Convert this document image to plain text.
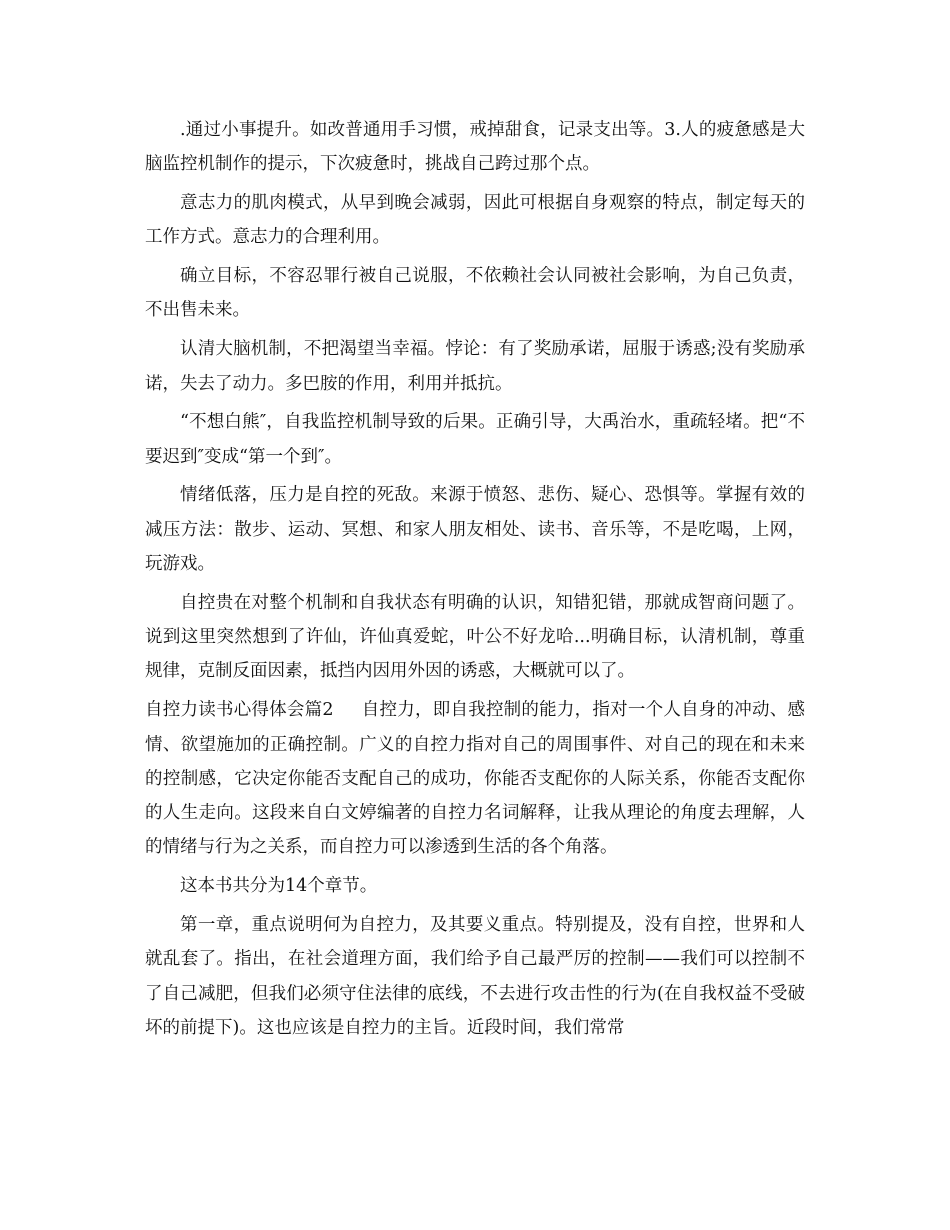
.通过小事提升。如改普通用手习惯，戒掉甜食，记录支出等。3.人的疲惫感是大脑监控机制作的提示，下次疲惫时，挑战自己跨过那个点。

意志力的肌肉模式，从早到晚会减弱，因此可根据自身观察的特点，制定每天的工作方式。意志力的合理利用。

确立目标，不容忍罪行被自己说服，不依赖社会认同被社会影响，为自己负责，不出售未来。

认清大脑机制，不把渴望当幸福。悖论：有了奖励承诺，屈服于诱惑;没有奖励承诺，失去了动力。多巴胺的作用，利用并抵抗。

“不想白熊″，自我监控机制导致的后果。正确引导，大禹治水，重疏轻堵。把“不要迟到″变成“第一个到″。

情绪低落，压力是自控的死敌。来源于愤怒、悲伤、疑心、恐惧等。掌握有效的减压方法：散步、运动、冥想、和家人朋友相处、读书、音乐等，不是吃喝，上网，玩游戏。

自控贵在对整个机制和自我状态有明确的认识，知错犯错，那就成智商问题了。说到这里突然想到了许仙，许仙真爱蛇，叶公不好龙哈...明确目标，认清机制，尊重规律，克制反面因素，抵挡内因用外因的诱惑，大概就可以了。

自控力读书心得体会篇2 自控力，即自我控制的能力，指对一个人自身的冲动、感情、欲望施加的正确控制。广义的自控力指对自己的周围事件、对自己的现在和未来的控制感，它决定你能否支配自己的成功，你能否支配你的人际关系，你能否支配你的人生走向。这段来自白文婷编著的自控力名词解释，让我从理论的角度去理解，人的情绪与行为之关系，而自控力可以渗透到生活的各个角落。

这本书共分为14个章节。

第一章，重点说明何为自控力，及其要义重点。特别提及，没有自控，世界和人就乱套了。指出，在社会道理方面，我们给予自己最严厉的控制——我们可以控制不了自己减肥，但我们必须守住法律的底线，不去进行攻击性的行为(在自我权益不受破坏的前提下)。这也应该是自控力的主旨。近段时间，我们常常
